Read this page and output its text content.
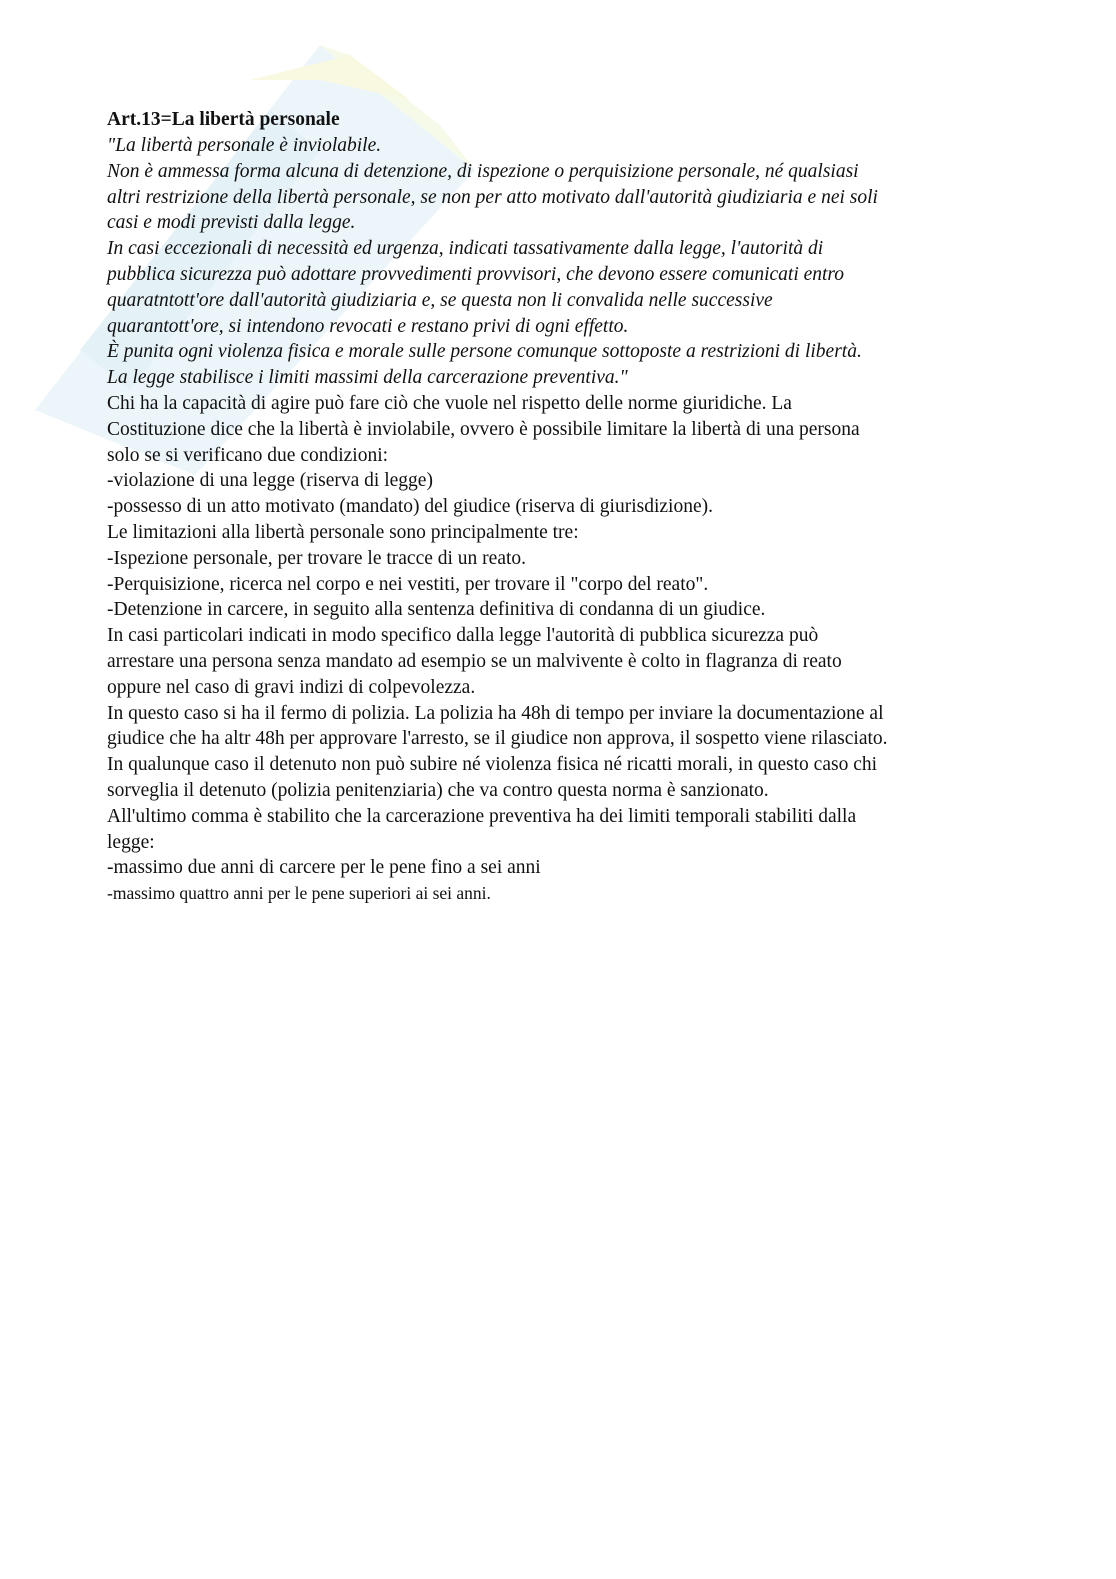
Art.13=La libertà personale
"La libertà personale è inviolabile.
Non è ammessa forma alcuna di detenzione, di ispezione o perquisizione personale, né qualsiasi
altri restrizione della libertà personale, se non per atto motivato dall'autorità giudiziaria e nei soli
casi e modi previsti dalla legge.
In casi eccezionali di necessità ed urgenza, indicati tassativamente dalla legge, l'autorità di
pubblica sicurezza può adottare provvedimenti provvisori, che devono essere comunicati entro
quaratntott'ore dall'autorità giudiziaria e, se questa non li convalida nelle successive
quarantott'ore, si intendono revocati e restano privi di ogni effetto.
È punita ogni violenza fisica e morale sulle persone comunque sottoposte a restrizioni di libertà.
La legge stabilisce i limiti massimi della carcerazione preventiva."
Chi ha la capacità di agire può fare ciò che vuole nel rispetto delle norme giuridiche. La
Costituzione dice che la libertà è inviolabile, ovvero è possibile limitare la libertà di una persona
solo se si verificano due condizioni:
-violazione di una legge (riserva di legge)
-possesso di un atto motivato (mandato) del giudice (riserva di giurisdizione).
Le limitazioni alla libertà personale sono principalmente tre:
-Ispezione personale, per trovare le tracce di un reato.
-Perquisizione, ricerca nel corpo e nei vestiti, per trovare il "corpo del reato".
-Detenzione in carcere, in seguito alla sentenza definitiva di condanna di un giudice.
In casi particolari indicati in modo specifico dalla legge l'autorità di pubblica sicurezza può
arrestare una persona senza mandato ad esempio se un malvivente è colto in flagranza di reato
oppure nel caso di gravi indizi di colpevolezza.
In questo caso si ha il fermo di polizia. La polizia ha 48h di tempo per inviare la documentazione al
giudice che ha altr 48h per approvare l'arresto, se il giudice non approva, il sospetto viene rilasciato.
In qualunque caso il detenuto non può subire né violenza fisica né ricatti morali, in questo caso chi
sorveglia il detenuto (polizia penitenziaria) che va contro questa norma è sanzionato.
All'ultimo comma è stabilito che la carcerazione preventiva ha dei limiti temporali stabiliti dalla
legge:
-massimo due anni di carcere per le pene fino a sei anni
-massimo quattro anni per le pene superiori ai sei anni.
